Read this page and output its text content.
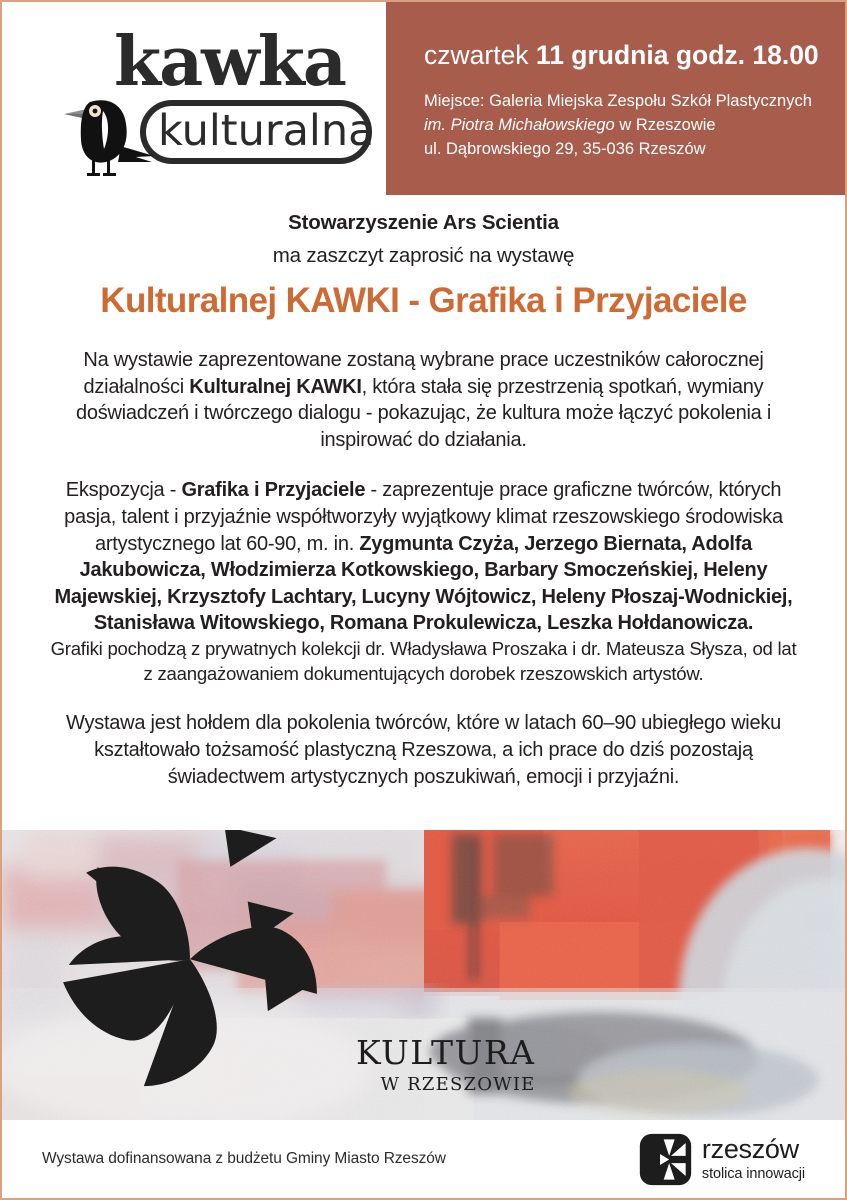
kawka
kulturalna
czwartek 11 grudnia godz. 18.00
Miejsce: Galeria Miejska Zespołu Szkół Plastycznych
im. Piotra Michałowskiego w Rzeszowie
ul. Dąbrowskiego 29, 35-036 Rzeszów
Stowarzyszenie Ars Scientia
ma zaszczyt zaprosić na wystawę
Kulturalnej KAWKI - Grafika i Przyjaciele
Na wystawie zaprezentowane zostaną wybrane prace uczestników całorocznej działalności Kulturalnej KAWKI, która stała się przestrzenią spotkań, wymiany doświadczeń i twórczego dialogu - pokazując, że kultura może łączyć pokolenia i inspirować do działania.
Ekspozycja - Grafika i Przyjaciele - zaprezentuje prace graficzne twórców, których pasja, talent i przyjaźnie współtworzyły wyjątkowy klimat rzeszowskiego środowiska artystycznego lat 60-90, m. in. Zygmunta Czyża, Jerzego Biernata, Adolfa Jakubowicza, Włodzimierza Kotkowskiego, Barbary Smoczeńskiej, Heleny Majewskiej, Krzysztofy Lachtary, Lucyny Wójtowicz, Heleny Płoszaj-Wodnickiej, Stanisława Witowskiego, Romana Prokulewicza, Leszka Hołdanowicza.
Grafiki pochodzą z prywatnych kolekcji dr. Władysława Proszaka i dr. Mateusza Słysza, od lat z zaangażowaniem dokumentujących dorobek rzeszowskich artystów.
Wystawa jest hołdem dla pokolenia twórców, które w latach 60–90 ubiegłego wieku kształtowało tożsamość plastyczną Rzeszowa, a ich prace do dziś pozostają świadectwem artystycznych poszukiwań, emocji i przyjaźni.
KULTURA
W RZESZOWIE
Wystawa dofinansowana z budżetu Gminy Miasto Rzeszów	rzeszów
stolica innowacji
